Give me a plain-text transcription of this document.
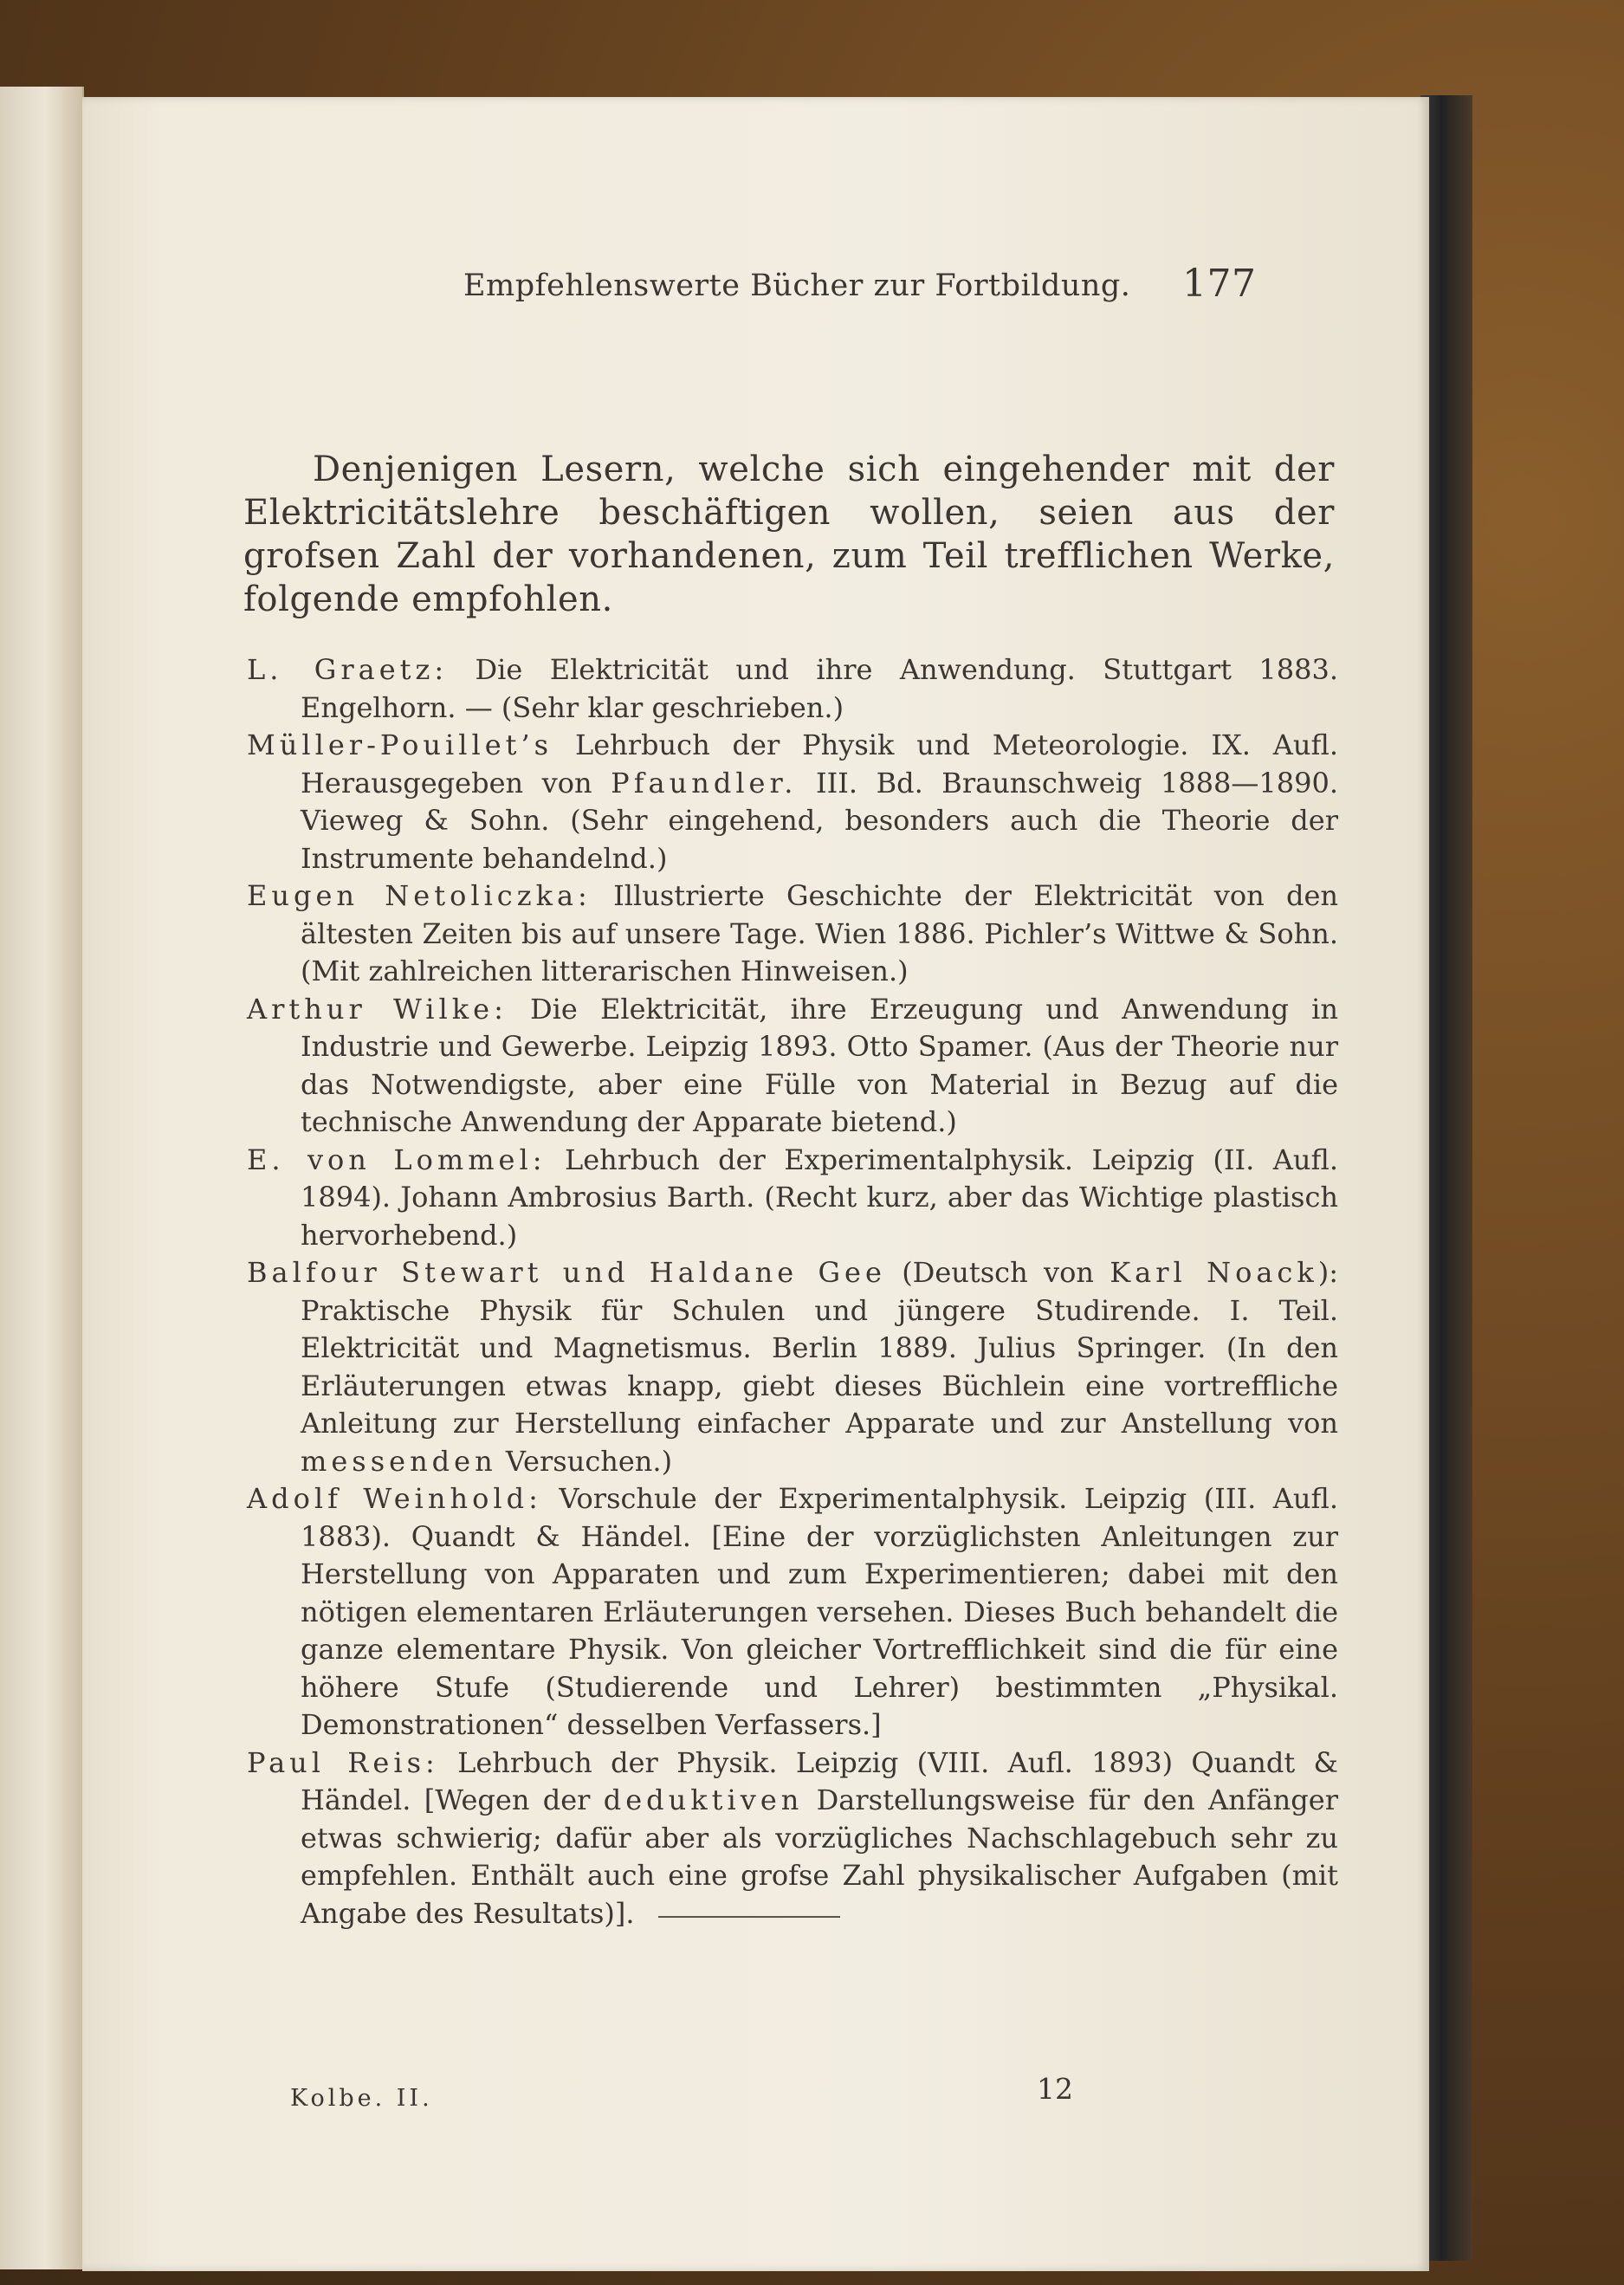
Empfehlenswerte Bücher zur Fortbildung. 177

Denjenigen Lesern, welche sich eingehender mit der Elektricitätslehre beschäftigen wollen, seien aus der grofsen Zahl der vorhandenen, zum Teil trefflichen Werke, folgende empfohlen.

L. Graetz: Die Elektricität und ihre Anwendung. Stuttgart 1883. Engelhorn. — (Sehr klar geschrieben.)
Müller-Pouillet’s Lehrbuch der Physik und Meteorologie. IX. Aufl. Herausgegeben von Pfaundler. III. Bd. Braunschweig 1888—1890. Vieweg & Sohn. (Sehr eingehend, besonders auch die Theorie der Instrumente behandelnd.)
Eugen Netoliczka: Illustrierte Geschichte der Elektricität von den ältesten Zeiten bis auf unsere Tage. Wien 1886. Pichler’s Wittwe & Sohn. (Mit zahlreichen litterarischen Hinweisen.)
Arthur Wilke: Die Elektricität, ihre Erzeugung und Anwendung in Industrie und Gewerbe. Leipzig 1893. Otto Spamer. (Aus der Theorie nur das Notwendigste, aber eine Fülle von Material in Bezug auf die technische Anwendung der Apparate bietend.)
E. von Lommel: Lehrbuch der Experimentalphysik. Leipzig (II. Aufl. 1894). Johann Ambrosius Barth. (Recht kurz, aber das Wichtige plastisch hervorhebend.)
Balfour Stewart und Haldane Gee (Deutsch von Karl Noack): Praktische Physik für Schulen und jüngere Studirende. I. Teil. Elektricität und Magnetismus. Berlin 1889. Julius Springer. (In den Erläuterungen etwas knapp, giebt dieses Büchlein eine vortreffliche Anleitung zur Herstellung einfacher Apparate und zur Anstellung von messenden Versuchen.)
Adolf Weinhold: Vorschule der Experimentalphysik. Leipzig (III. Aufl. 1883). Quandt & Händel. [Eine der vorzüglichsten Anleitungen zur Herstellung von Apparaten und zum Experimentieren; dabei mit den nötigen elementaren Erläuterungen versehen. Dieses Buch behandelt die ganze elementare Physik. Von gleicher Vortrefflichkeit sind die für eine höhere Stufe (Studierende und Lehrer) bestimmten „Physikal. Demonstrationen“ desselben Verfassers.]
Paul Reis: Lehrbuch der Physik. Leipzig (VIII. Aufl. 1893) Quandt & Händel. [Wegen der deduktiven Darstellungsweise für den Anfänger etwas schwierig; dafür aber als vorzügliches Nachschlagebuch sehr zu empfehlen. Enthält auch eine grofse Zahl physikalischer Aufgaben (mit Angabe des Resultats)].
Kolbe. II.	12
